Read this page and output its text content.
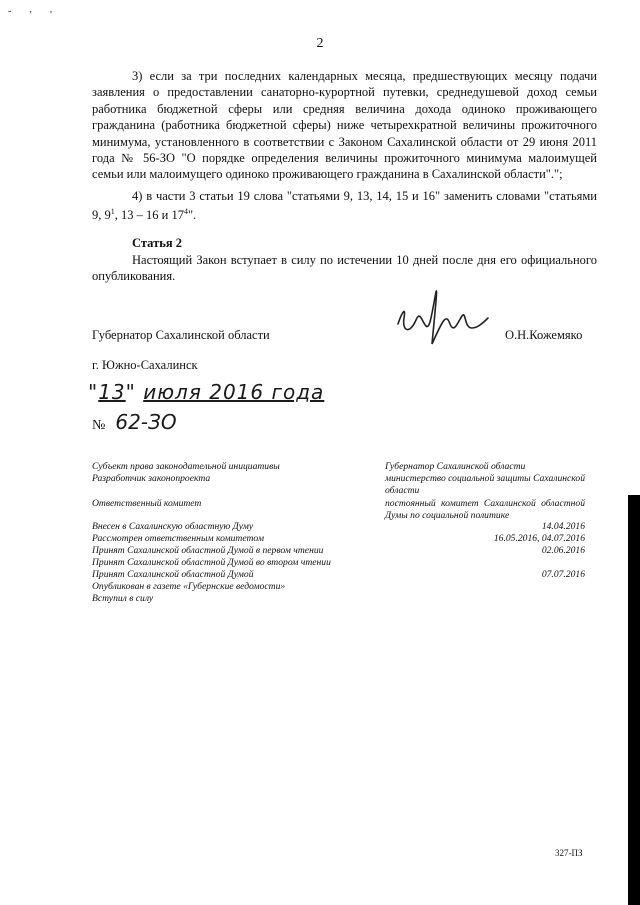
˘ ' '
2

3) если за три последних календарных месяца, предшествующих месяцу подачи заявления о предоставлении санаторно-курортной путевки, среднедушевой доход семьи работника бюджетной сферы или средняя величина дохода одиноко проживающего гражданина (работника бюджетной сферы) ниже четырехкратной величины прожиточного минимума, установленного в соответствии с Законом Сахалинской области от 29 июня 2011 года № 56-ЗО "О порядке определения величины прожиточного минимума малоимущей семьи или малоимущего одиноко проживающего гражданина в Сахалинской области".";

4) в части 3 статьи 19 слова "статьями 9, 13, 14, 15 и 16" заменить словами "статьями 9, $9^1$, 13 – 16 и $17^4$".

Статья 2

Настоящий Закон вступает в силу по истечении 10 дней после дня его официального опубликования.

Губернатор Сахалинской области	О.Н.Кожемяко
г. Южно-Сахалинск
"13" июля 2016 года
№ 62-ЗО
Субъект права законодательной инициативы
Разработчик законопроекта
Ответственный комитет
Внесен в Сахалинскую областную Думу
Рассмотрен ответственным комитетом
Принят Сахалинской областной Думой в первом чтении
Принят Сахалинской областной Думой во втором чтении
Принят Сахалинской областной Думой
Опубликован в газете «Губернские ведомости»
Вступил в силу
Губернатор Сахалинской области
министерство социальной защиты Сахалинской области
постоянный комитет Сахалинской областной Думы по социальной политике
14.04.2016
16.05.2016, 04.07.2016
02.06.2016
07.07.2016
327-ПЗ
